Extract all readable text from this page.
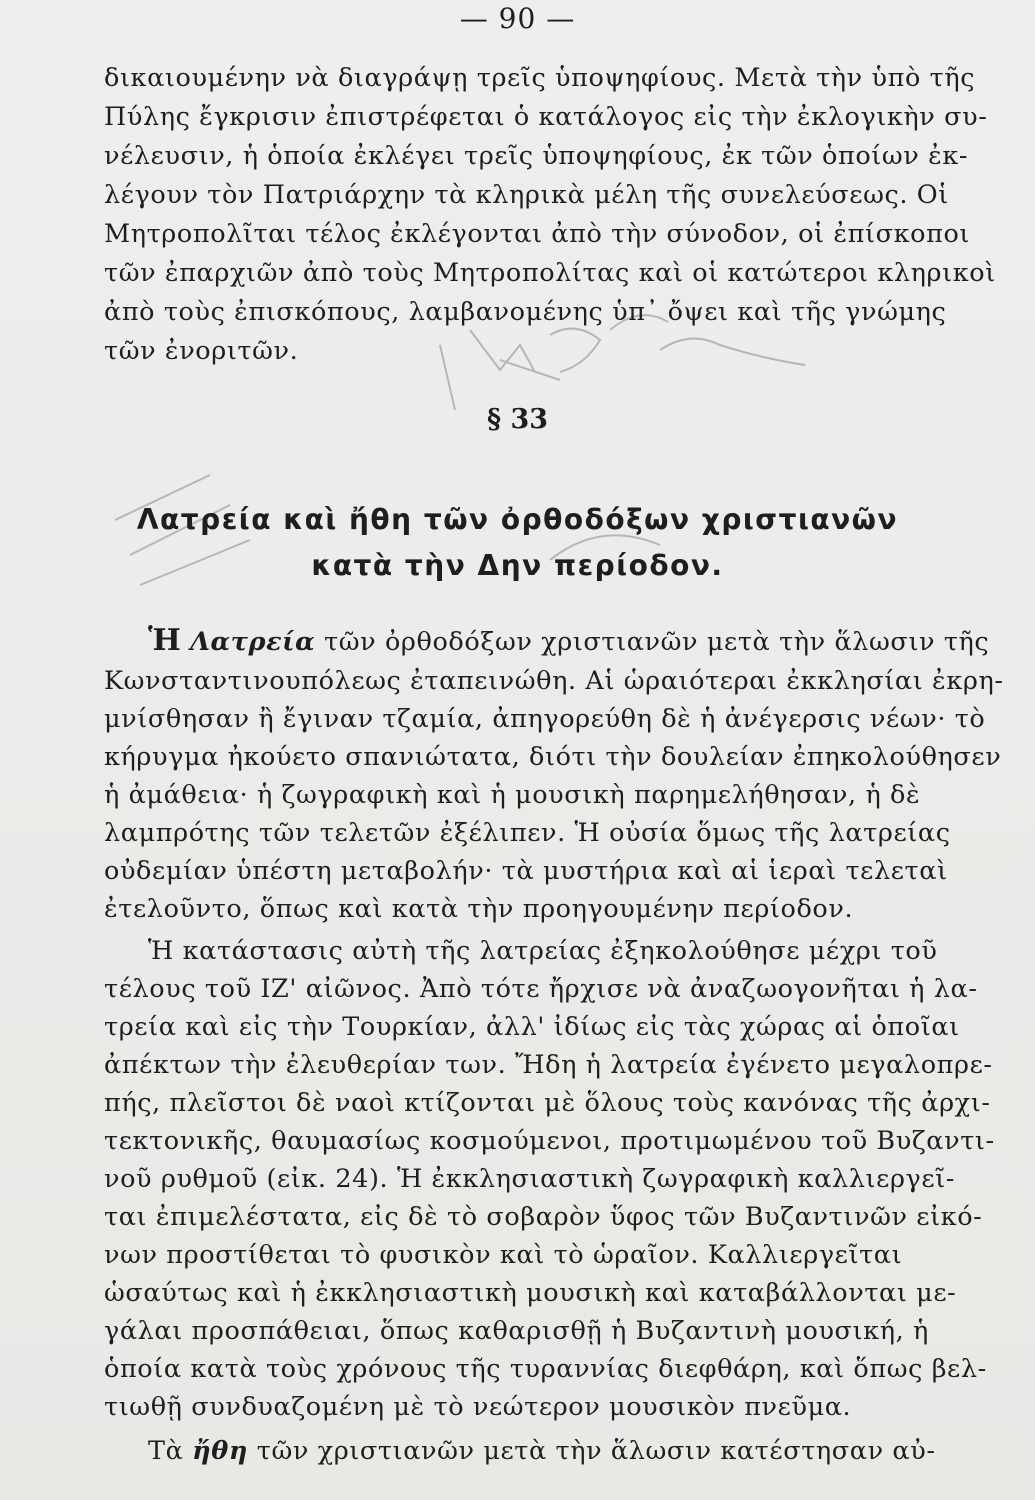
— 90 —
δικαιουμένην νὰ διαγράψῃ τρεῖς ὑποψηφίους. Μετὰ τὴν ὑπὸ τῆς
Πύλης ἔγκρισιν ἐπιστρέφεται ὁ κατάλογος εἰς τὴν ἐκλογικὴν συ-
νέλευσιν, ἡ ὁποία ἐκλέγει τρεῖς ὑποψηφίους, ἐκ τῶν ὁποίων ἐκ-
λέγουν τὸν Πατριάρχην τὰ κληρικὰ μέλη τῆς συνελεύσεως. Οἱ
Μητροπολῖται τέλος ἐκλέγονται ἀπὸ τὴν σύνοδον, οἱ ἐπίσκοποι
τῶν ἐπαρχιῶν ἀπὸ τοὺς Μητροπολίτας καὶ οἱ κατώτεροι κληρικοὶ
ἀπὸ τοὺς ἐπισκόπους, λαμβανομένης ὑπ᾿ ὄψει καὶ τῆς γνώμης
τῶν ἐνοριτῶν.
§ 33
Λατρεία καὶ ἤθη τῶν ὀρθοδόξων χριστιανῶν
κατὰ τὴν Δην περίοδον.
Ἡ Λατρεία τῶν ὀρθοδόξων χριστιανῶν μετὰ τὴν ἅλωσιν τῆς
Κωνσταντινουπόλεως ἐταπεινώθη. Αἱ ὡραιότεραι ἐκκλησίαι ἐκρη-
μνίσθησαν ἢ ἔγιναν τζαμία, ἀπηγορεύθη δὲ ἡ ἀνέγερσις νέων· τὸ
κήρυγμα ἠκούετο σπανιώτατα, διότι τὴν δουλείαν ἐπηκολούθησεν
ἡ ἀμάθεια· ἡ ζωγραφικὴ καὶ ἡ μουσικὴ παρημελήθησαν, ἡ δὲ
λαμπρότης τῶν τελετῶν ἐξέλιπεν. Ἡ οὐσία ὅμως τῆς λατρείας
οὐδεμίαν ὑπέστη μεταβολήν· τὰ μυστήρια καὶ αἱ ἱεραὶ τελεταὶ
ἐτελοῦντο, ὅπως καὶ κατὰ τὴν προηγουμένην περίοδον.
Ἡ κατάστασις αὐτὴ τῆς λατρείας ἐξηκολούθησε μέχρι τοῦ
τέλους τοῦ ΙΖ' αἰῶνος. Ἀπὸ τότε ἤρχισε νὰ ἀναζωογονῆται ἡ λα-
τρεία καὶ εἰς τὴν Τουρκίαν, ἀλλ' ἰδίως εἰς τὰς χώρας αἱ ὁποῖαι
ἀπέκτων τὴν ἐλευθερίαν των. Ἤδη ἡ λατρεία ἐγένετο μεγαλοπρε-
πής, πλεῖστοι δὲ ναοὶ κτίζονται μὲ ὅλους τοὺς κανόνας τῆς ἀρχι-
τεκτονικῆς, θαυμασίως κοσμούμενοι, προτιμωμένου τοῦ Βυζαντι-
νοῦ ρυθμοῦ (εἰκ. 24). Ἡ ἐκκλησιαστικὴ ζωγραφικὴ καλλιεργεῖ-
ται ἐπιμελέστατα, εἰς δὲ τὸ σοβαρὸν ὕφος τῶν Βυζαντινῶν εἰκό-
νων προστίθεται τὸ φυσικὸν καὶ τὸ ὡραῖον. Καλλιεργεῖται
ὡσαύτως καὶ ἡ ἐκκλησιαστικὴ μουσικὴ καὶ καταβάλλονται με-
γάλαι προσπάθειαι, ὅπως καθαρισθῇ ἡ Βυζαντινὴ μουσική, ἡ
ὁποία κατὰ τοὺς χρόνους τῆς τυραννίας διεφθάρη, καὶ ὅπως βελ-
τιωθῇ συνδυαζομένη μὲ τὸ νεώτερον μουσικὸν πνεῦμα.
Τὰ ἤθη τῶν χριστιανῶν μετὰ τὴν ἅλωσιν κατέστησαν αὐ-
